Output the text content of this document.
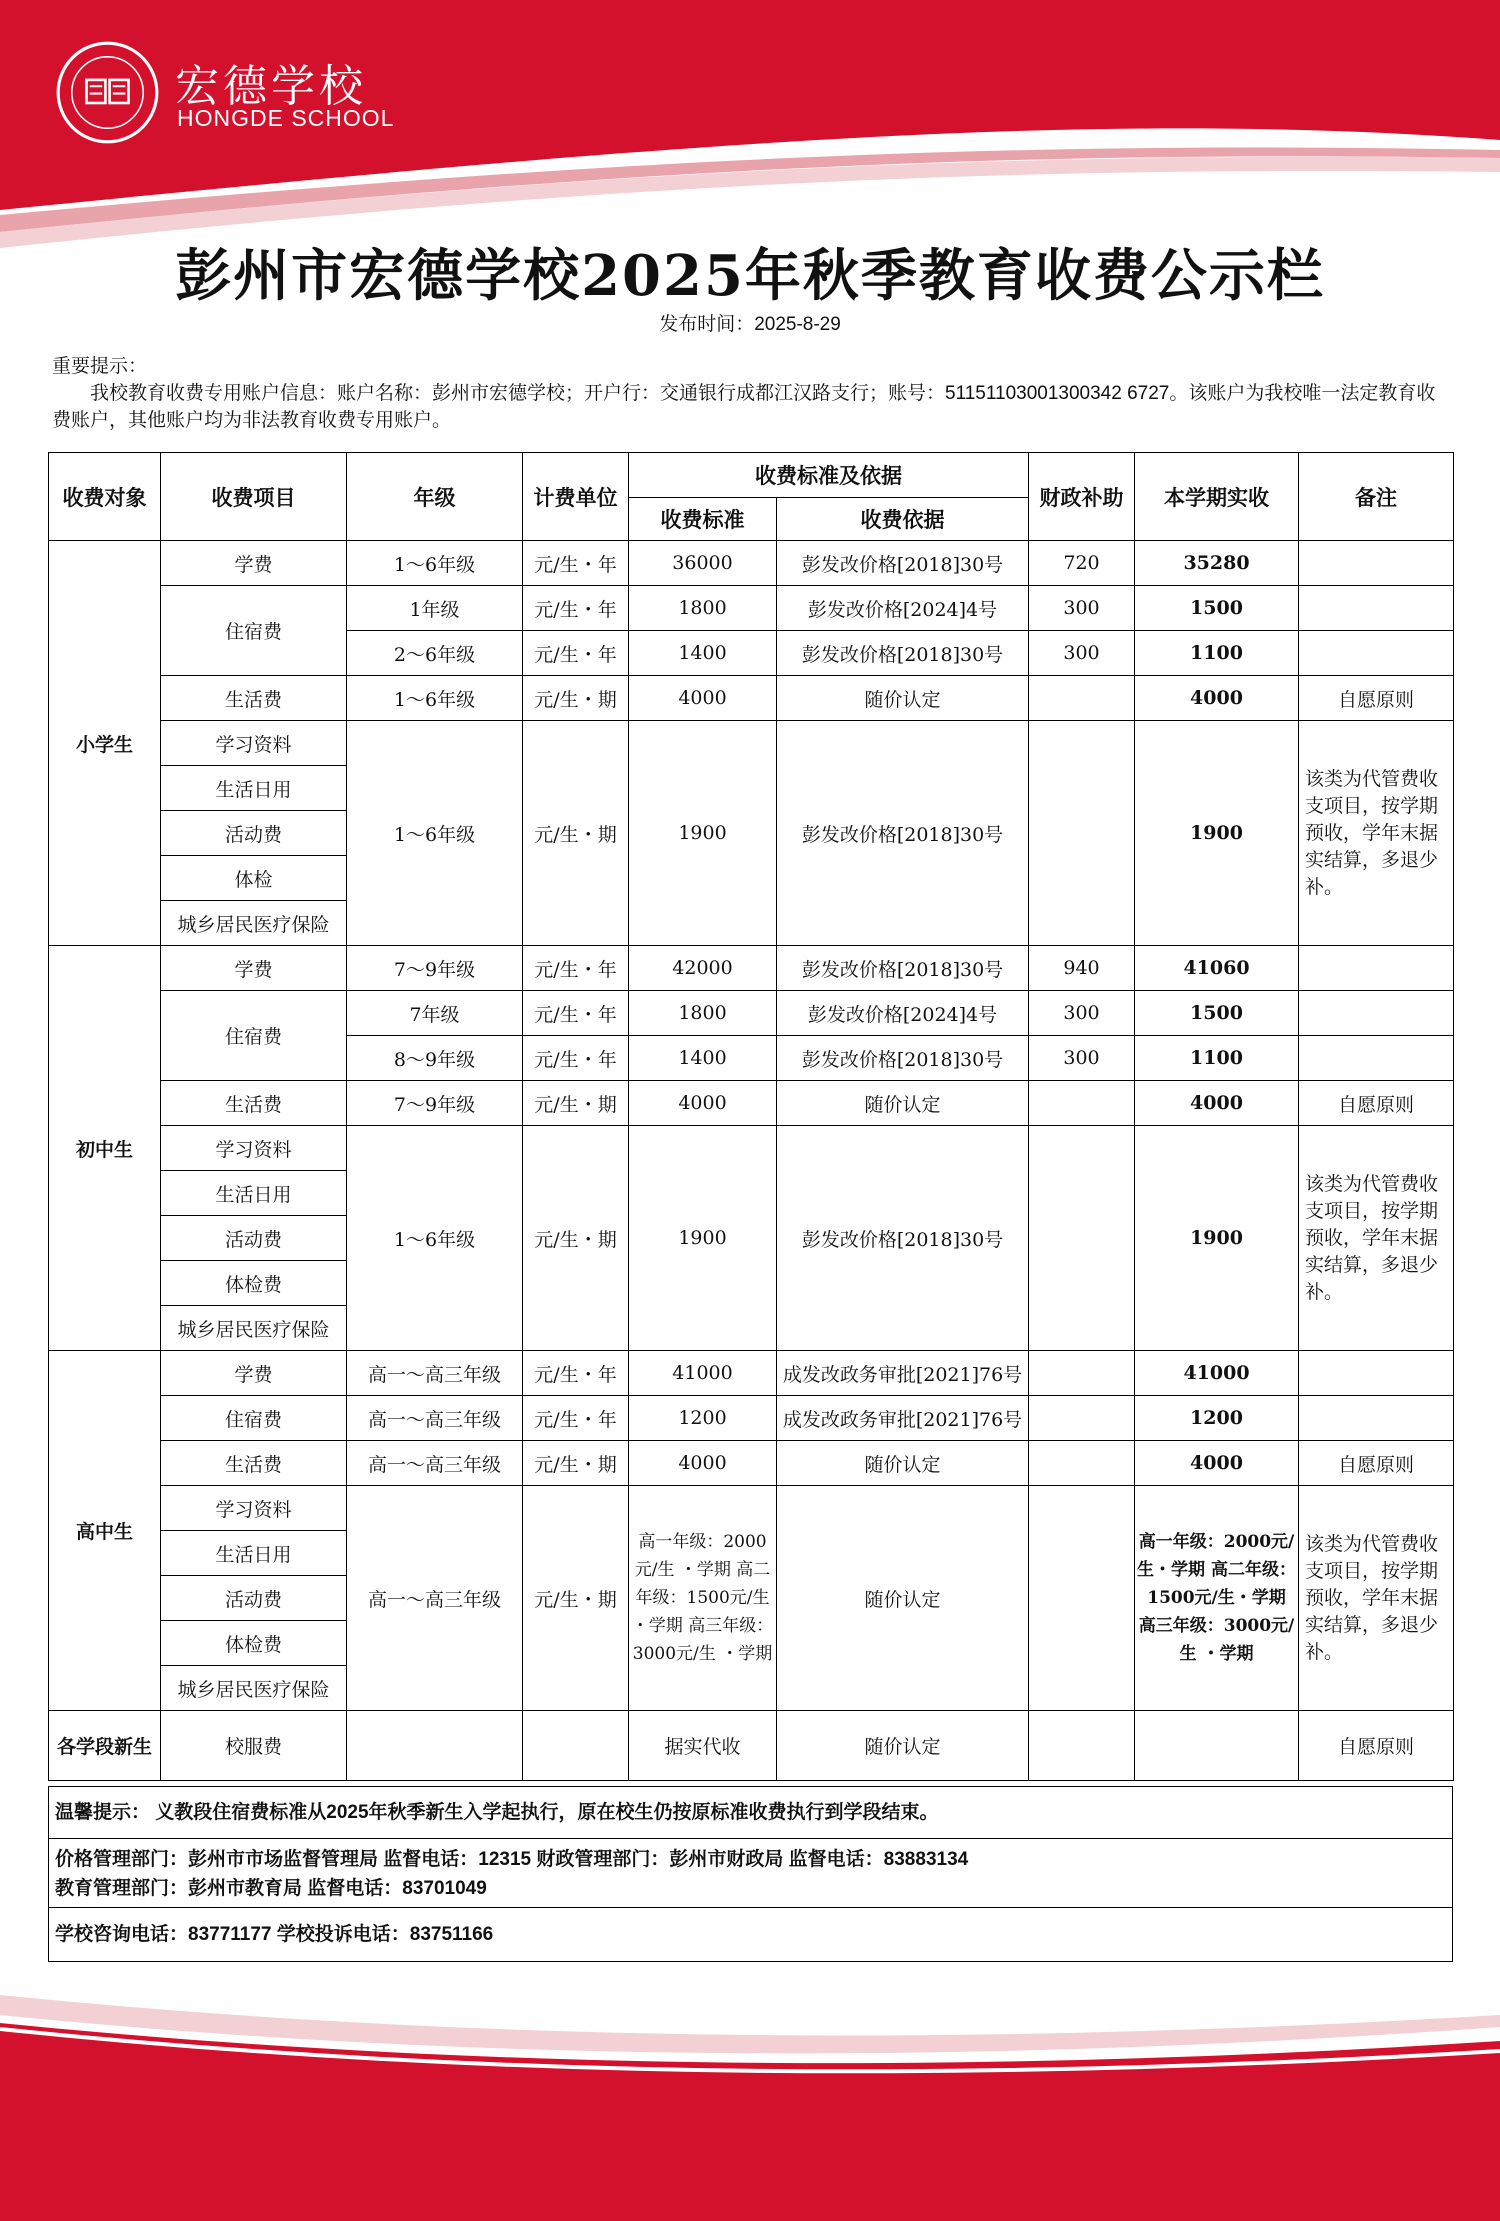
宏德学校
HONGDE SCHOOL
彭州市宏德学校2025年秋季教育收费公示栏
发布时间：2025-8-29
重要提示：
我校教育收费专用账户信息：账户名称：彭州市宏德学校；开户行：交通银行成都江汉路支行；账号：51151103001300342 6727。该账户为我校唯一法定教育收费账户，其他账户均为非法教育收费专用账户。
收费对象	收费项目	年级	计费单位	收费标准及依据		财政补助	本学期实收	备注
				收费标准	收费依据			
小学生	学费	1～6年级	元/生・年	36000	彭发改价格[2018]30号	720	35280	
	住宿费	1年级	元/生・年	1800	彭发改价格[2024]4号	300	1500	
		2～6年级	元/生・年	1400	彭发改价格[2018]30号	300	1100	
	生活费	1～6年级	元/生・期	4000	随价认定		4000	自愿原则
	学习资料	1～6年级	元/生・期	1900	彭发改价格[2018]30号		1900	该类为代管费收支项目，按学期预收，学年末据实结算，多退少补。
	生活日用							
	活动费							
	体检							
	城乡居民医疗保险							
初中生	学费	7～9年级	元/生・年	42000	彭发改价格[2018]30号	940	41060	
	住宿费	7年级	元/生・年	1800	彭发改价格[2024]4号	300	1500	
		8～9年级	元/生・年	1400	彭发改价格[2018]30号	300	1100	
	生活费	7～9年级	元/生・期	4000	随价认定		4000	自愿原则
	学习资料	1～6年级	元/生・期	1900	彭发改价格[2018]30号		1900	该类为代管费收支项目，按学期预收，学年末据实结算，多退少补。
	生活日用							
	活动费							
	体检费							
	城乡居民医疗保险							
高中生	学费	高一～高三年级	元/生・年	41000	成发改政务审批[2021]76号		41000	
	住宿费	高一～高三年级	元/生・年	1200	成发改政务审批[2021]76号		1200	
	生活费	高一～高三年级	元/生・期	4000	随价认定		4000	自愿原则
	学习资料	高一～高三年级	元/生・期	高一年级：2000元/生 ・学期 高二年级：1500元/生 ・学期 高三年级：3000元/生 ・学期	随价认定		高一年级：2000元/生・学期 高二年级：1500元/生・学期 高三年级：3000元/生 ・学期	该类为代管费收支项目，按学期预收，学年末据实结算，多退少补。
	生活日用							
	活动费							
	体检费							
	城乡居民医疗保险							
各学段新生	校服费			据实代收	随价认定			自愿原则
温馨提示： 义教段住宿费标准从2025年秋季新生入学起执行，原在校生仍按原标准收费执行到学段结束。
价格管理部门：彭州市市场监督管理局 监督电话：12315 财政管理部门：彭州市财政局 监督电话：83883134
教育管理部门：彭州市教育局 监督电话：83701049
学校咨询电话：83771177 学校投诉电话：83751166
